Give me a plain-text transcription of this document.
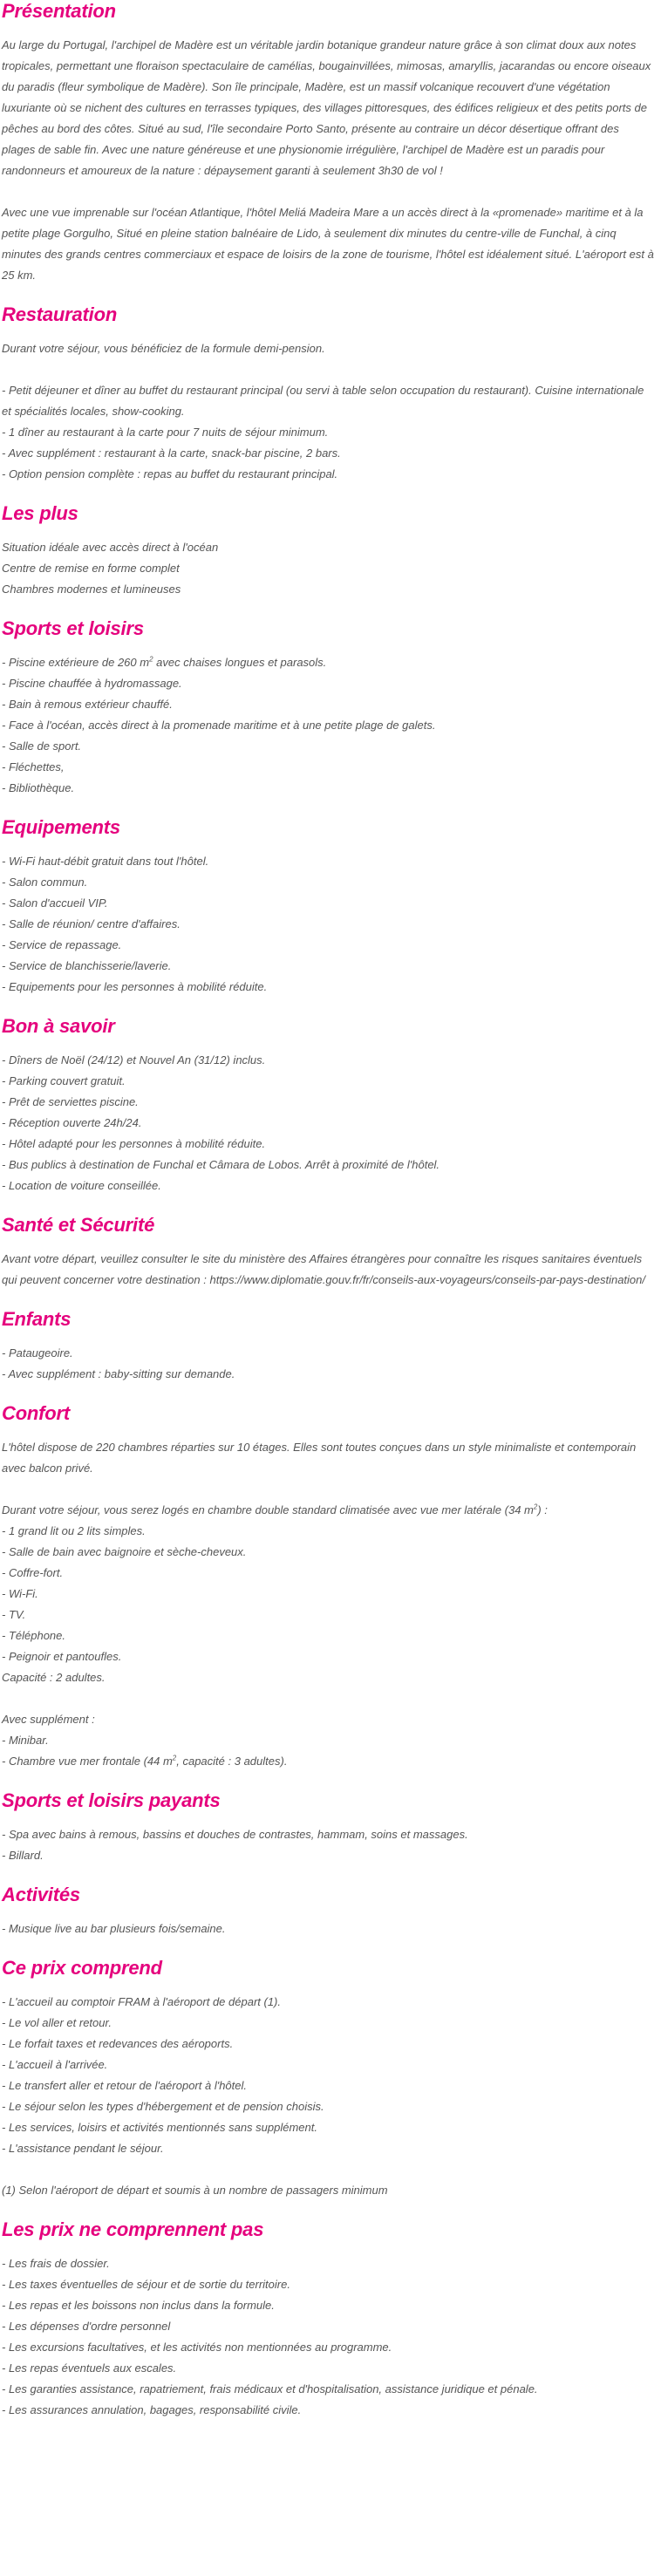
Présentation

Au large du Portugal, l'archipel de Madère est un véritable jardin botanique grandeur nature grâce à son climat doux aux notes tropicales, permettant une floraison spectaculaire de camélias, bougainvillées, mimosas, amaryllis, jacarandas ou encore oiseaux du paradis (fleur symbolique de Madère). Son île principale, Madère, est un massif volcanique recouvert d'une végétation luxuriante où se nichent des cultures en terrasses typiques, des villages pittoresques, des édifices religieux et des petits ports de pêches au bord des côtes. Situé au sud, l'île secondaire Porto Santo, présente au contraire un décor désertique offrant des plages de sable fin. Avec une nature généreuse et une physionomie irrégulière, l'archipel de Madère est un paradis pour randonneurs et amoureux de la nature : dépaysement garanti à seulement 3h30 de vol !

Avec une vue imprenable sur l'océan Atlantique, l'hôtel Meliá Madeira Mare a un accès direct à la «promenade» maritime et à la petite plage Gorgulho, Situé en pleine station balnéaire de Lido, à seulement dix minutes du centre-ville de Funchal, à cinq minutes des grands centres commerciaux et espace de loisirs de la zone de tourisme, l'hôtel est idéalement situé. L'aéroport est à 25 km.

Restauration
Durant votre séjour, vous bénéficiez de la formule demi-pension.

- Petit déjeuner et dîner au buffet du restaurant principal (ou servi à table selon occupation du restaurant). Cuisine internationale et spécialités locales, show-cooking.

- 1 dîner au restaurant à la carte pour 7 nuits de séjour minimum.
- Avec supplément : restaurant à la carte, snack-bar piscine, 2 bars.
- Option pension complète : repas au buffet du restaurant principal.
Les plus
Situation idéale avec accès direct à l'océan
Centre de remise en forme complet
Chambres modernes et lumineuses
Sports et loisirs
- Piscine extérieure de 260 $m^2$ avec chaises longues et parasols.
- Piscine chauffée à hydromassage.
- Bain à remous extérieur chauffé.
- Face à l'océan, accès direct à la promenade maritime et à une petite plage de galets.
- Salle de sport.
- Fléchettes,
- Bibliothèque.
Equipements
- Wi-Fi haut-débit gratuit dans tout l'hôtel.
- Salon commun.
- Salon d'accueil VIP.
- Salle de réunion/ centre d'affaires.
- Service de repassage.
- Service de blanchisserie/laverie.
- Equipements pour les personnes à mobilité réduite.
Bon à savoir
- Dîners de Noël (24/12) et Nouvel An (31/12) inclus.
- Parking couvert gratuit.
- Prêt de serviettes piscine.
- Réception ouverte 24h/24.
- Hôtel adapté pour les personnes à mobilité réduite.
- Bus publics à destination de Funchal et Câmara de Lobos. Arrêt à proximité de l'hôtel.
- Location de voiture conseillée.
Santé et Sécurité

Avant votre départ, veuillez consulter le site du ministère des Affaires étrangères pour connaître les risques sanitaires éventuels qui peuvent concerner votre destination : https://www.diplomatie.gouv.fr/fr/conseils-aux-voyageurs/conseils-par-pays-destination/

Enfants
- Pataugeoire.
- Avec supplément : baby-sitting sur demande.
Confort

L'hôtel dispose de 220 chambres réparties sur 10 étages. Elles sont toutes conçues dans un style minimaliste et contemporain avec balcon privé.

Durant votre séjour, vous serez logés en chambre double standard climatisée avec vue mer latérale (34 $m^2$) :
- 1 grand lit ou 2 lits simples.
- Salle de bain avec baignoire et sèche-cheveux.
- Coffre-fort.
- Wi-Fi.
- TV.
- Téléphone.
- Peignoir et pantoufles.
Capacité : 2 adultes.
Avec supplément :
- Minibar.
- Chambre vue mer frontale (44 $m^2$, capacité : 3 adultes).
Sports et loisirs payants
- Spa avec bains à remous, bassins et douches de contrastes, hammam, soins et massages.
- Billard.
Activités
- Musique live au bar plusieurs fois/semaine.
Ce prix comprend
- L'accueil au comptoir FRAM à l'aéroport de départ (1).
- Le vol aller et retour.
- Le forfait taxes et redevances des aéroports.
- L'accueil à l'arrivée.
- Le transfert aller et retour de l'aéroport à l'hôtel.
- Le séjour selon les types d'hébergement et de pension choisis.
- Les services, loisirs et activités mentionnés sans supplément.
- L'assistance pendant le séjour.
(1) Selon l'aéroport de départ et soumis à un nombre de passagers minimum
Les prix ne comprennent pas
- Les frais de dossier.
- Les taxes éventuelles de séjour et de sortie du territoire.
- Les repas et les boissons non inclus dans la formule.
- Les dépenses d'ordre personnel
- Les excursions facultatives, et les activités non mentionnées au programme.
- Les repas éventuels aux escales.
- Les garanties assistance, rapatriement, frais médicaux et d'hospitalisation, assistance juridique et pénale.
- Les assurances annulation, bagages, responsabilité civile.
